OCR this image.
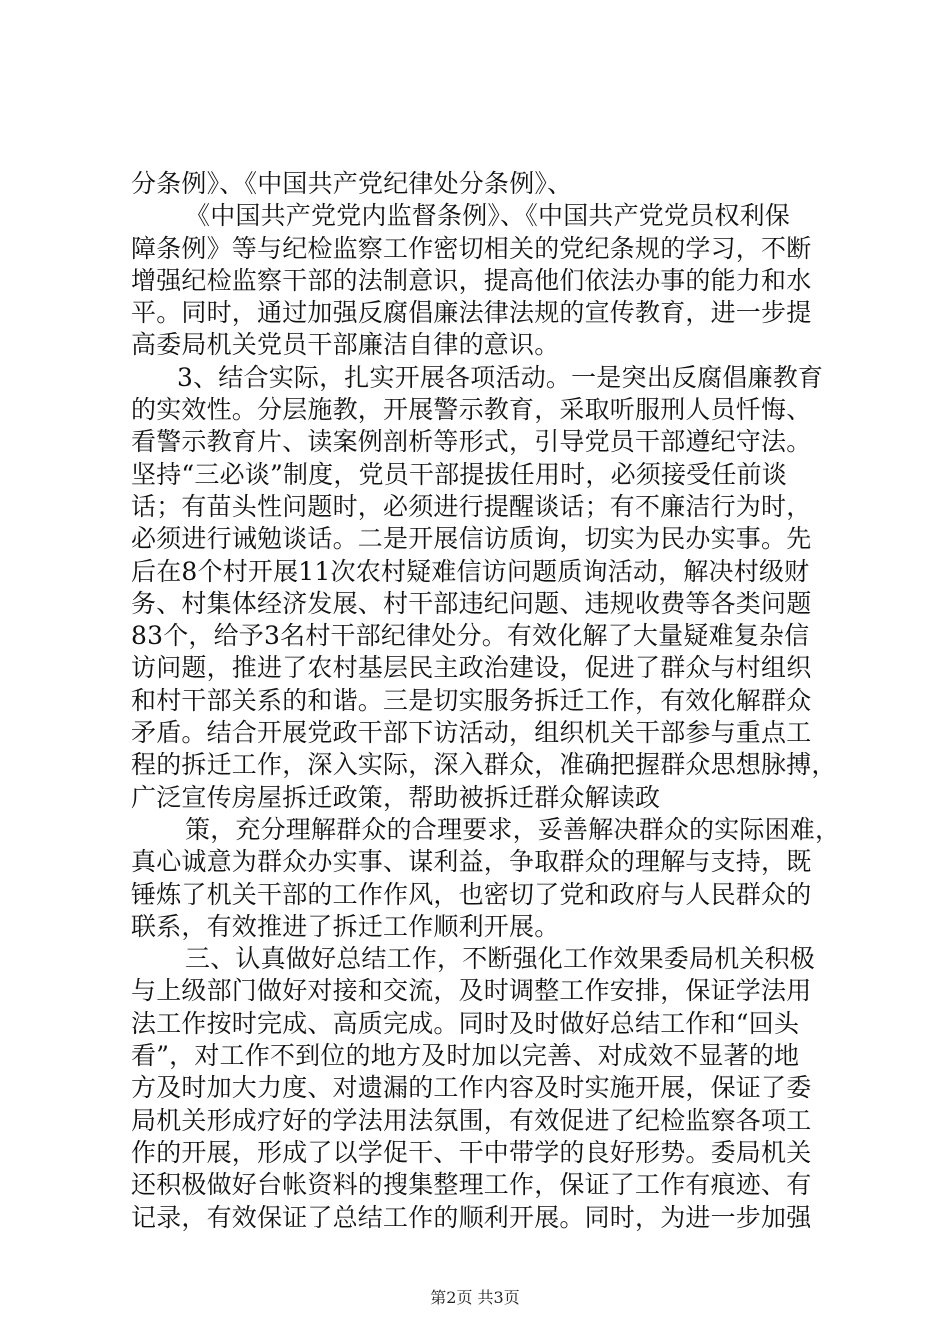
分条例》、《中国共产党纪律处分条例》、
《中国共产党党内监督条例》、《中国共产党党员权利保
障条例》等与纪检监察工作密切相关的党纪条规的学习，不断
增强纪检监察干部的法制意识，提高他们依法办事的能力和水
平。同时，通过加强反腐倡廉法律法规的宣传教育，进一步提
高委局机关党员干部廉洁自律的意识。
3、结合实际，扎实开展各项活动。一是突出反腐倡廉教育
的实效性。分层施教，开展警示教育，采取听服刑人员忏悔、
看警示教育片、读案例剖析等形式，引导党员干部遵纪守法。
坚持“三必谈”制度，党员干部提拔任用时，必须接受任前谈
话；有苗头性问题时，必须进行提醒谈话；有不廉洁行为时，
必须进行诫勉谈话。二是开展信访质询，切实为民办实事。先
后在8个村开展11次农村疑难信访问题质询活动，解决村级财
务、村集体经济发展、村干部违纪问题、违规收费等各类问题
83个，给予3名村干部纪律处分。有效化解了大量疑难复杂信
访问题，推进了农村基层民主政治建设，促进了群众与村组织
和村干部关系的和谐。三是切实服务拆迁工作，有效化解群众
矛盾。结合开展党政干部下访活动，组织机关干部参与重点工
程的拆迁工作，深入实际，深入群众，准确把握群众思想脉搏，
广泛宣传房屋拆迁政策，帮助被拆迁群众解读政
策，充分理解群众的合理要求，妥善解决群众的实际困难，
真心诚意为群众办实事、谋利益，争取群众的理解与支持，既
锤炼了机关干部的工作作风，也密切了党和政府与人民群众的
联系，有效推进了拆迁工作顺利开展。
三、认真做好总结工作，不断强化工作效果委局机关积极
与上级部门做好对接和交流，及时调整工作安排，保证学法用
法工作按时完成、高质完成。同时及时做好总结工作和“回头
看”，对工作不到位的地方及时加以完善、对成效不显著的地
方及时加大力度、对遗漏的工作内容及时实施开展，保证了委
局机关形成疗好的学法用法氛围，有效促进了纪检监察各项工
作的开展，形成了以学促干、干中带学的良好形势。委局机关
还积极做好台帐资料的搜集整理工作，保证了工作有痕迹、有
记录，有效保证了总结工作的顺利开展。同时，为进一步加强
第2页 共3页
